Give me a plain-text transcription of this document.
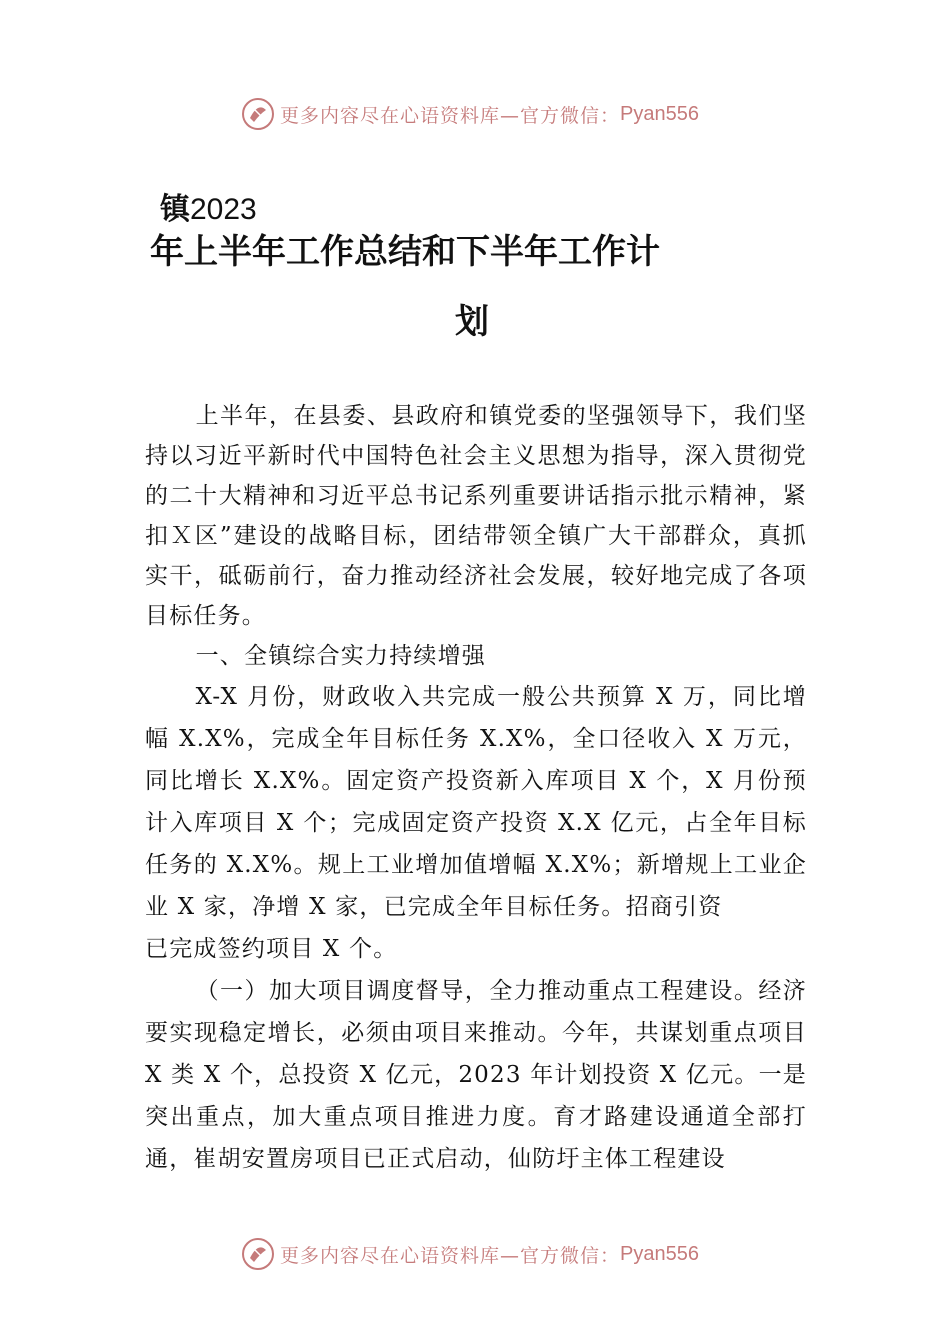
更多内容尽在心语资料库—官方微信： Pyan556
镇2023
年上半年工作总结和下半年工作计
划

上半年，在县委、县政府和镇党委的坚强领导下，我们坚持以习近平新时代中国特色社会主义思想为指导，深入贯彻党的二十大精神和习近平总书记系列重要讲话指示批示精神，紧扣Ｘ区”建设的战略目标，团结带领全镇广大干部群众，真抓实干，砥砺前行，奋力推动经济社会发展，较好地完成了各项目标任务。

一、全镇综合实力持续增强

X-X 月份，财政收入共完成一般公共预算 X 万，同比增幅 X.X%，完成全年目标任务 X.X%，全口径收入 X 万元，同比增长 X.X%。固定资产投资新入库项目 X 个，X 月份预计入库项目 X 个；完成固定资产投资 X.X 亿元，占全年目标任务的 X.X%。规上工业增加值增幅 X.X%；新增规上工业企业 X 家，净增 X 家，已完成全年目标任务。招商引资

已完成签约项目 X 个。

（一）加大项目调度督导，全力推动重点工程建设。经济要实现稳定增长，必须由项目来推动。今年，共谋划重点项目 X 类 X 个，总投资 X 亿元，2023 年计划投资 X 亿元。一是突出重点，加大重点项目推进力度。育才路建设通道全部打通，崔胡安置房项目已正式启动，仙防圩主体工程建设

更多内容尽在心语资料库—官方微信： Pyan556
